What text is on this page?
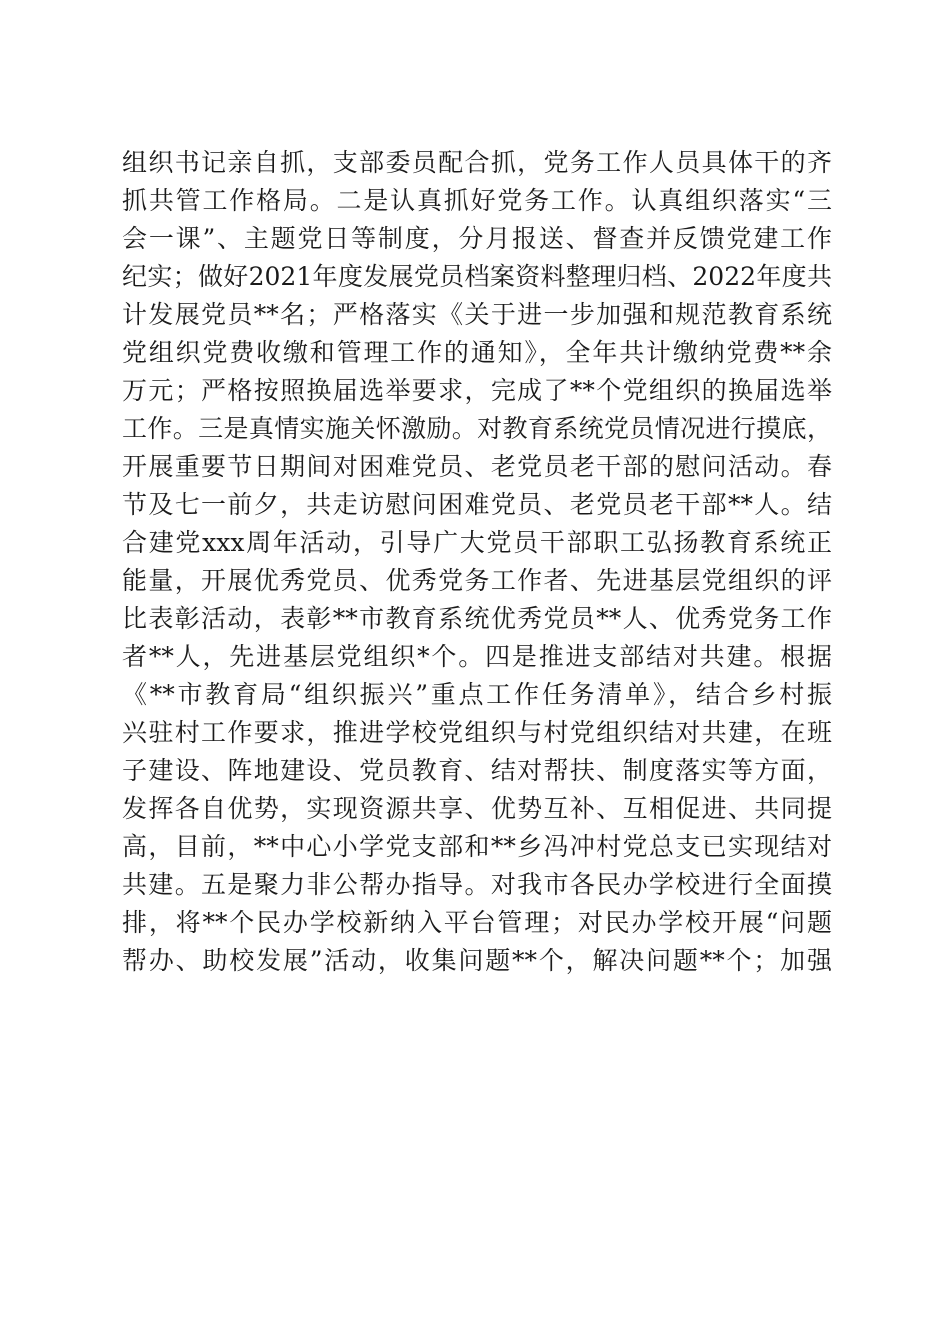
组织书记亲自抓，支部委员配合抓，党务工作人员具体干的齐
抓共管工作格局。二是认真抓好党务工作。认真组织落实“三
会一课”、主题党日等制度，分月报送、督查并反馈党建工作
纪实；做好2021年度发展党员档案资料整理归档、2022年度共
计发展党员**名；严格落实《关于进一步加强和规范教育系统
党组织党费收缴和管理工作的通知》，全年共计缴纳党费**余
万元；严格按照换届选举要求，完成了**个党组织的换届选举
工作。三是真情实施关怀激励。对教育系统党员情况进行摸底，
开展重要节日期间对困难党员、老党员老干部的慰问活动。春
节及七一前夕，共走访慰问困难党员、老党员老干部**人。结
合建党xxx周年活动，引导广大党员干部职工弘扬教育系统正
能量，开展优秀党员、优秀党务工作者、先进基层党组织的评
比表彰活动，表彰**市教育系统优秀党员**人、优秀党务工作
者**人，先进基层党组织*个。四是推进支部结对共建。根据
《**市教育局“组织振兴”重点工作任务清单》，结合乡村振
兴驻村工作要求，推进学校党组织与村党组织结对共建，在班
子建设、阵地建设、党员教育、结对帮扶、制度落实等方面，
发挥各自优势，实现资源共享、优势互补、互相促进、共同提
高，目前，**中心小学党支部和**乡冯冲村党总支已实现结对
共建。五是聚力非公帮办指导。对我市各民办学校进行全面摸
排，将**个民办学校新纳入平台管理；对民办学校开展“问题
帮办、助校发展”活动，收集问题**个，解决问题**个；加强
